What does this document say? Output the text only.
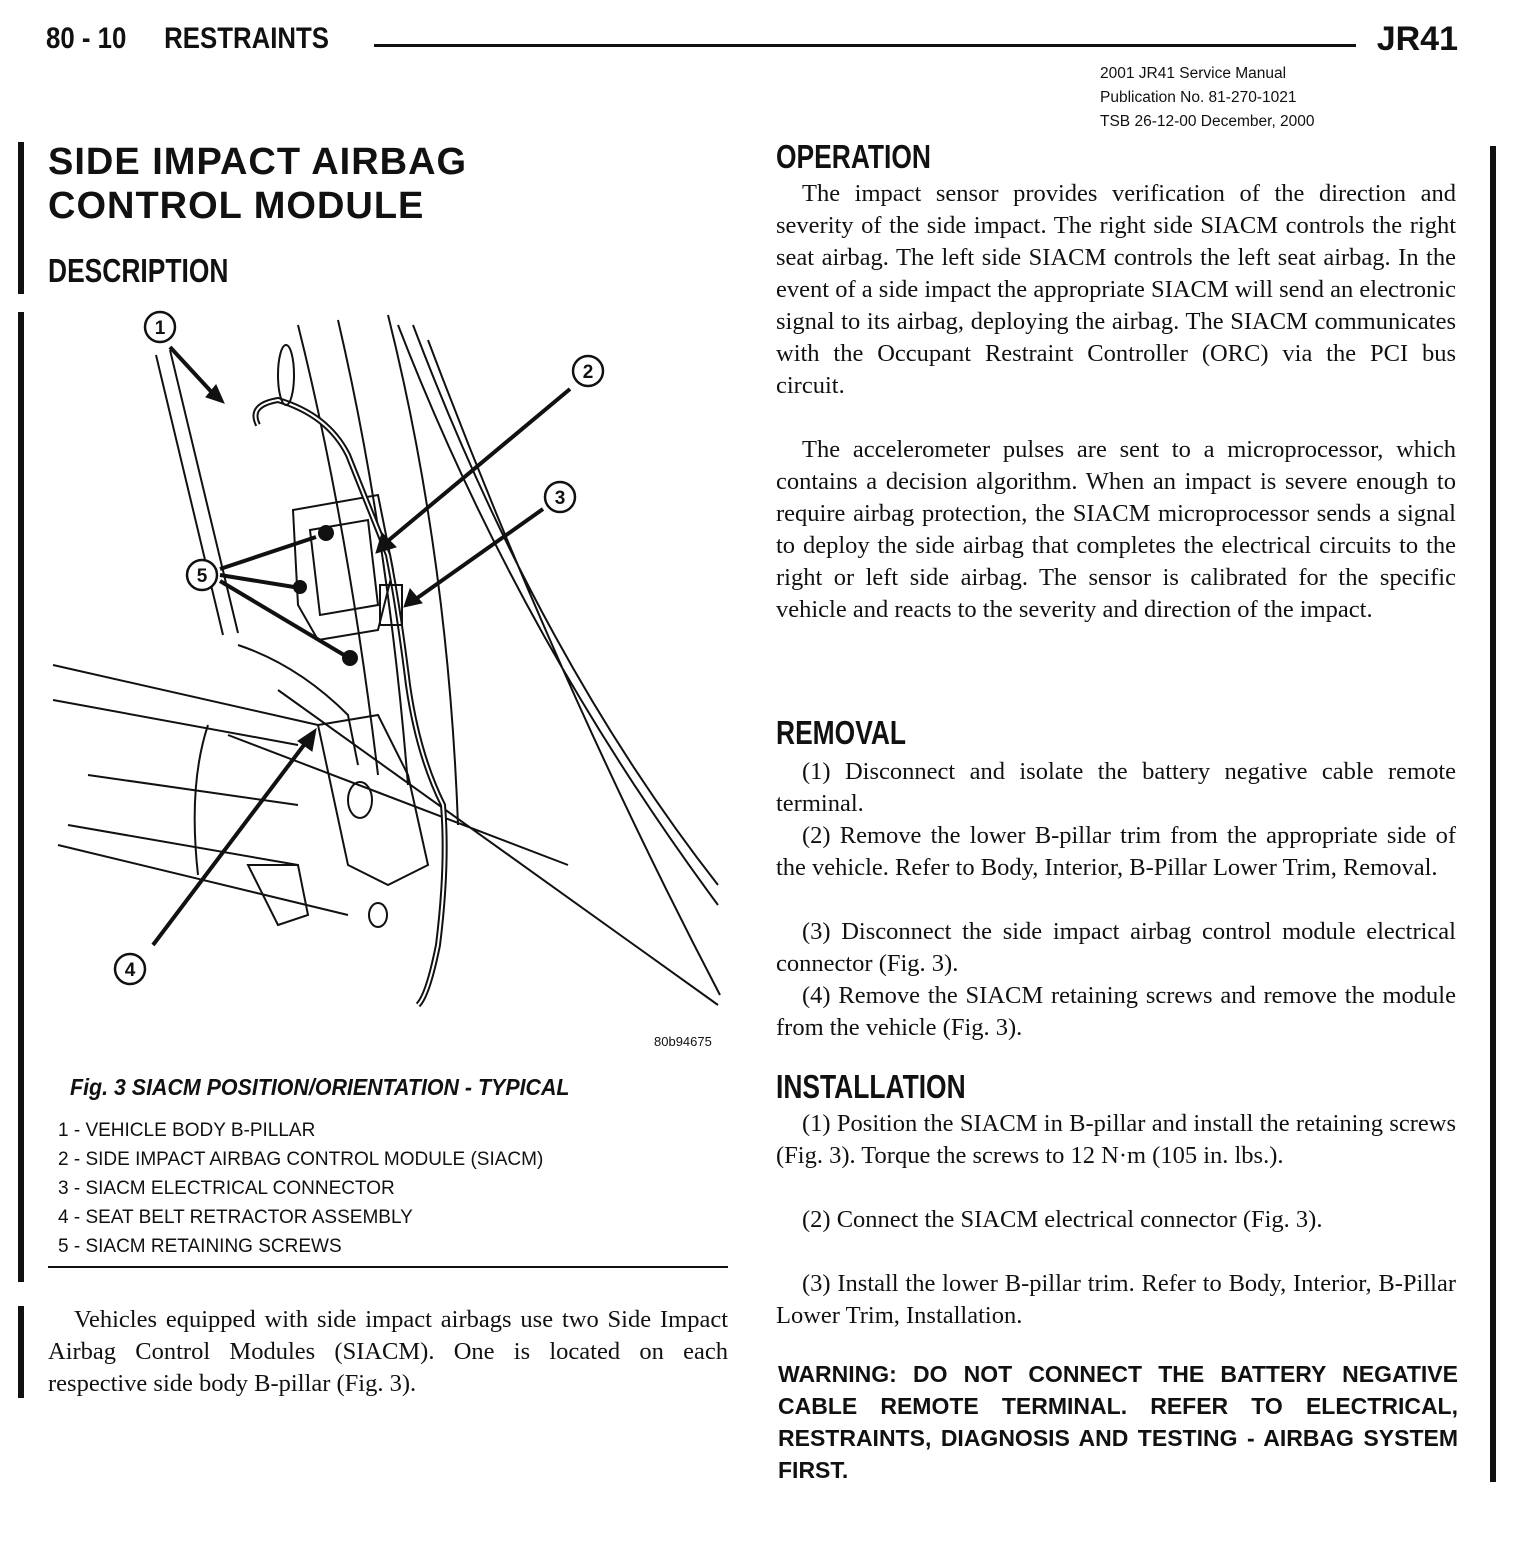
80 - 10 RESTRAINTS	JR41
2001 JR41 Service Manual
Publication No. 81-270-1021
TSB 26-12-00 December, 2000
SIDE IMPACT AIRBAG
CONTROL MODULE
DESCRIPTION
1
2
3
4
5
80b94675
Fig. 3 SIACM POSITION/ORIENTATION - TYPICAL
1 - VEHICLE BODY B-PILLAR
2 - SIDE IMPACT AIRBAG CONTROL MODULE (SIACM)
3 - SIACM ELECTRICAL CONNECTOR
4 - SEAT BELT RETRACTOR ASSEMBLY
5 - SIACM RETAINING SCREWS

Vehicles equipped with side impact airbags use two Side Impact Airbag Control Modules (SIACM). One is located on each respective side body B-pillar (Fig. 3).

OPERATION

The impact sensor provides verification of the direction and severity of the side impact. The right side SIACM controls the right seat airbag. The left side SIACM controls the left seat airbag. In the event of a side impact the appropriate SIACM will send an electronic signal to its airbag, deploying the airbag. The SIACM communicates with the Occupant Restraint Controller (ORC) via the PCI bus circuit.

The accelerometer pulses are sent to a microprocessor, which contains a decision algorithm. When an impact is severe enough to require airbag protection, the SIACM microprocessor sends a signal to deploy the side airbag that completes the electrical circuits to the right or left side airbag. The sensor is calibrated for the specific vehicle and reacts to the severity and direction of the impact.

REMOVAL

(1) Disconnect and isolate the battery negative cable remote terminal.

(2) Remove the lower B-pillar trim from the appropriate side of the vehicle. Refer to Body, Interior, B-Pillar Lower Trim, Removal.

(3) Disconnect the side impact airbag control module electrical connector (Fig. 3).

(4) Remove the SIACM retaining screws and remove the module from the vehicle (Fig. 3).

INSTALLATION

(1) Position the SIACM in B-pillar and install the retaining screws (Fig. 3). Torque the screws to 12 N·m (105 in. lbs.).

(2) Connect the SIACM electrical connector (Fig. 3).

(3) Install the lower B-pillar trim. Refer to Body, Interior, B-Pillar Lower Trim, Installation.

WARNING: DO NOT CONNECT THE BATTERY NEGATIVE CABLE REMOTE TERMINAL. REFER TO ELECTRICAL, RESTRAINTS, DIAGNOSIS AND TESTING - AIRBAG SYSTEM FIRST.
